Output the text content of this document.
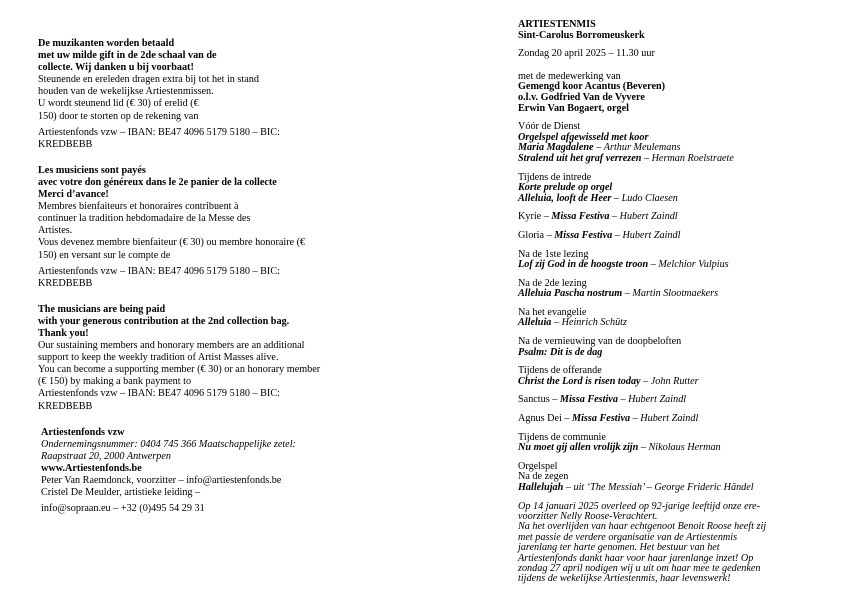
De muzikanten worden betaald
met uw milde gift in de 2de schaal van de
collecte. Wij danken u bij voorbaat!
Steunende en ereleden dragen extra bij tot het in stand
houden van de wekelijkse Artiestenmissen.
U wordt steunend lid (€ 30) of erelid (€
150) door te storten op de rekening van
Artiestenfonds vzw – IBAN: BE47 4096 5179 5180 – BIC:
KREDBEBB
Les musiciens sont payés
avec votre don généreux dans le 2e panier de la collecte
Merci d’avance!
Membres bienfaiteurs et honoraires contribuent à
continuer la tradition hebdomadaire de la Messe des
Artistes.
Vous devenez membre bienfaiteur (€ 30) ou membre honoraire (€
150) en versant sur le compte de
Artiestenfonds vzw – IBAN: BE47 4096 5179 5180 – BIC:
KREDBEBB
The musicians are being paid
with your generous contribution at the 2nd collection bag.
Thank you!
Our sustaining members and honorary members are an additional
support to keep the weekly tradition of Artist Masses alive.
You can become a supporting member (€ 30) or an honorary member
(€ 150) by making a bank payment to
Artiestenfonds vzw – IBAN: BE47 4096 5179 5180 – BIC:
KREDBEBB
Artiestenfonds vzw
Ondernemingsnummer: 0404 745 366 Maatschappelijke zetel:
Raapstraat 20, 2000 Antwerpen
www.Artiestenfonds.be
Peter Van Raemdonck, voorzitter – info@artiestenfonds.be
Cristel De Meulder, artistieke leiding –
info@sopraan.eu – +32 (0)495 54 29 31
ARTIESTENMIS
Sint-Carolus Borromeuskerk
Zondag 20 april 2025 – 11.30 uur
met de medewerking van
Gemengd koor Acantus (Beveren)
o.l.v. Godfried Van de Vyvere
Erwin Van Bogaert, orgel
Vóór de Dienst
Orgelspel afgewisseld met koor
Maria Magdalene – Arthur Meulemans
Stralend uit het graf verrezen – Herman Roelstraete
Tijdens de intrede
Korte prelude op orgel
Alleluia, looft de Heer – Ludo Claesen
Kyrie – Missa Festiva – Hubert Zaindl
Gloria – Missa Festiva – Hubert Zaindl
Na de 1ste lezing
Lof zij God in de hoogste troon – Melchior Vulpius
Na de 2de lezing
Alleluia Pascha nostrum – Martin Slootmaekers
Na het evangelie
Alleluia – Heinrich Schütz
Na de vernieuwing van de doopbeloften
Psalm: Dit is de dag
Tijdens de offerande
Christ the Lord is risen today – John Rutter
Sanctus – Missa Festiva – Hubert Zaindl
Agnus Dei – Missa Festiva – Hubert Zaindl
Tijdens de communie
Nu moet gij allen vrolijk zijn – Nikolaus Herman
Orgelspel
Na de zegen
Hallelujah – uit ‘The Messiah’ – George Frideric Händel
Op 14 januari 2025 overleed op 92-jarige leeftijd onze ere-
voorzitter Nelly Roose-Verachtert.
Na het overlijden van haar echtgenoot Benoit Roose heeft zij
met passie de verdere organisatie van de Artiestenmis
jarenlang ter harte genomen. Het bestuur van het
Artiestenfonds dankt haar voor haar jarenlange inzet! Op
zondag 27 april nodigen wij u uit om haar mee te gedenken
tijdens de wekelijkse Artiestenmis, haar levenswerk!
